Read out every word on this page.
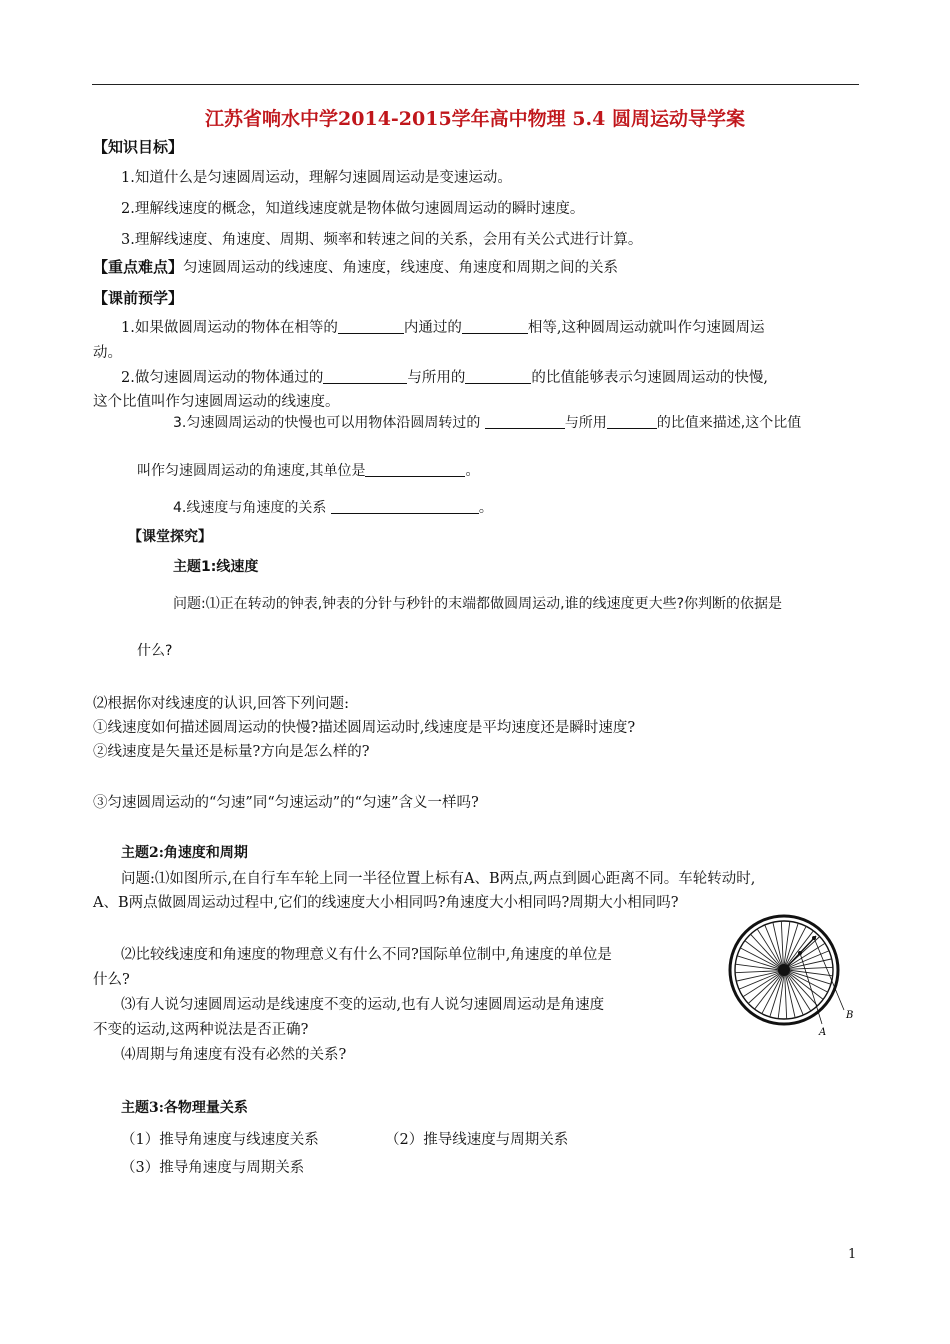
江苏省响水中学2014-2015学年高中物理 5.4 圆周运动导学案
【知识目标】
1.知道什么是匀速圆周运动，理解匀速圆周运动是变速运动。
2.理解线速度的概念，知道线速度就是物体做匀速圆周运动的瞬时速度。
3.理解线速度、角速度、周期、频率和转速之间的关系，会用有关公式进行计算。
【重点难点】匀速圆周运动的线速度、角速度，线速度、角速度和周期之间的关系
【课前预学】
1.如果做圆周运动的物体在相等的	内通过的	相等,这种圆周运动就叫作匀速圆周运
动。
2.做匀速圆周运动的物体通过的	与所用的	的比值能够表示匀速圆周运动的快慢,
这个比值叫作匀速圆周运动的线速度。
3.匀速圆周运动的快慢也可以用物体沿圆周转过的	与所用	的比值来描述,这个比值
叫作匀速圆周运动的角速度,其单位是	。
4.线速度与角速度的关系	。
【课堂探究】
主题1:线速度
问题:⑴正在转动的钟表,钟表的分针与秒针的末端都做圆周运动,谁的线速度更大些?你判断的依据是
什么?
⑵根据你对线速度的认识,回答下列问题:
①线速度如何描述圆周运动的快慢?描述圆周运动时,线速度是平均速度还是瞬时速度?
②线速度是矢量还是标量?方向是怎么样的?
③匀速圆周运动的“匀速”同“匀速运动”的“匀速”含义一样吗?
主题2:角速度和周期
问题:⑴如图所示,在自行车车轮上同一半径位置上标有A、B两点,两点到圆心距离不同。车轮转动时,
A、B两点做圆周运动过程中,它们的线速度大小相同吗?角速度大小相同吗?周期大小相同吗?
⑵比较线速度和角速度的物理意义有什么不同?国际单位制中,角速度的单位是
什么?
⑶有人说匀速圆周运动是线速度不变的运动,也有人说匀速圆周运动是角速度
不变的运动,这两种说法是否正确?
⑷周期与角速度有没有必然的关系?
A
B
主题3:各物理量关系
（1）推导角速度与线速度关系	（2）推导线速度与周期关系
（3）推导角速度与周期关系
1
